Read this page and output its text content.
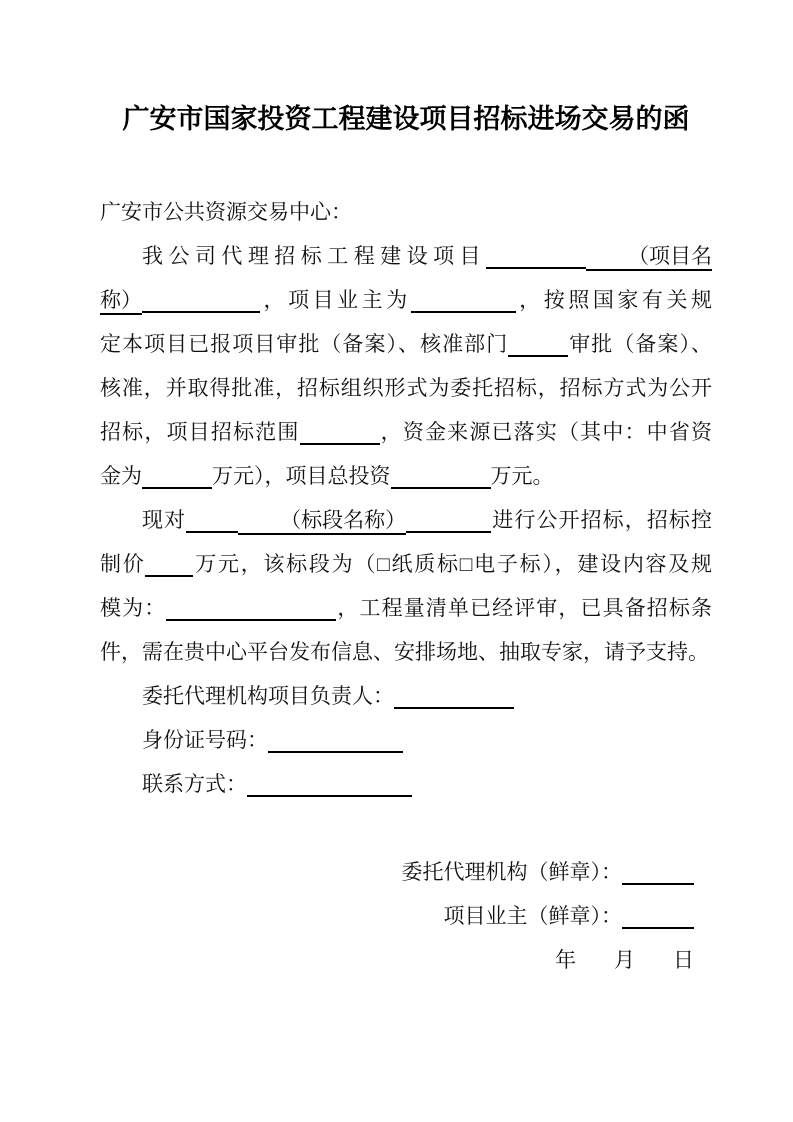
广安市国家投资工程建设项目招标进场交易的函
广安市公共资源交易中心：
我公司代理招标工程建设项目	（项目名
称）	，项目业主为	，按照国家有关规
定本项目已报项目审批（备案）、核准部门	审批（备案）、
核准，并取得批准，招标组织形式为委托招标，招标方式为公开
招标，项目招标范围	，资金来源已落实（其中：中省资
金为	万元），项目总投资	万元。
现对	（标段名称）	进行公开招标，招标控
制价 万元，该标段为（□纸质标□电子标），建设内容及规
模为：	，工程量清单已经评审，已具备招标条
件，需在贵中心平台发布信息、安排场地、抽取专家，请予支持。
委托代理机构项目负责人：
身份证号码：
联系方式：
委托代理机构（鲜章）：
项目业主（鲜章）：
年 月 日
